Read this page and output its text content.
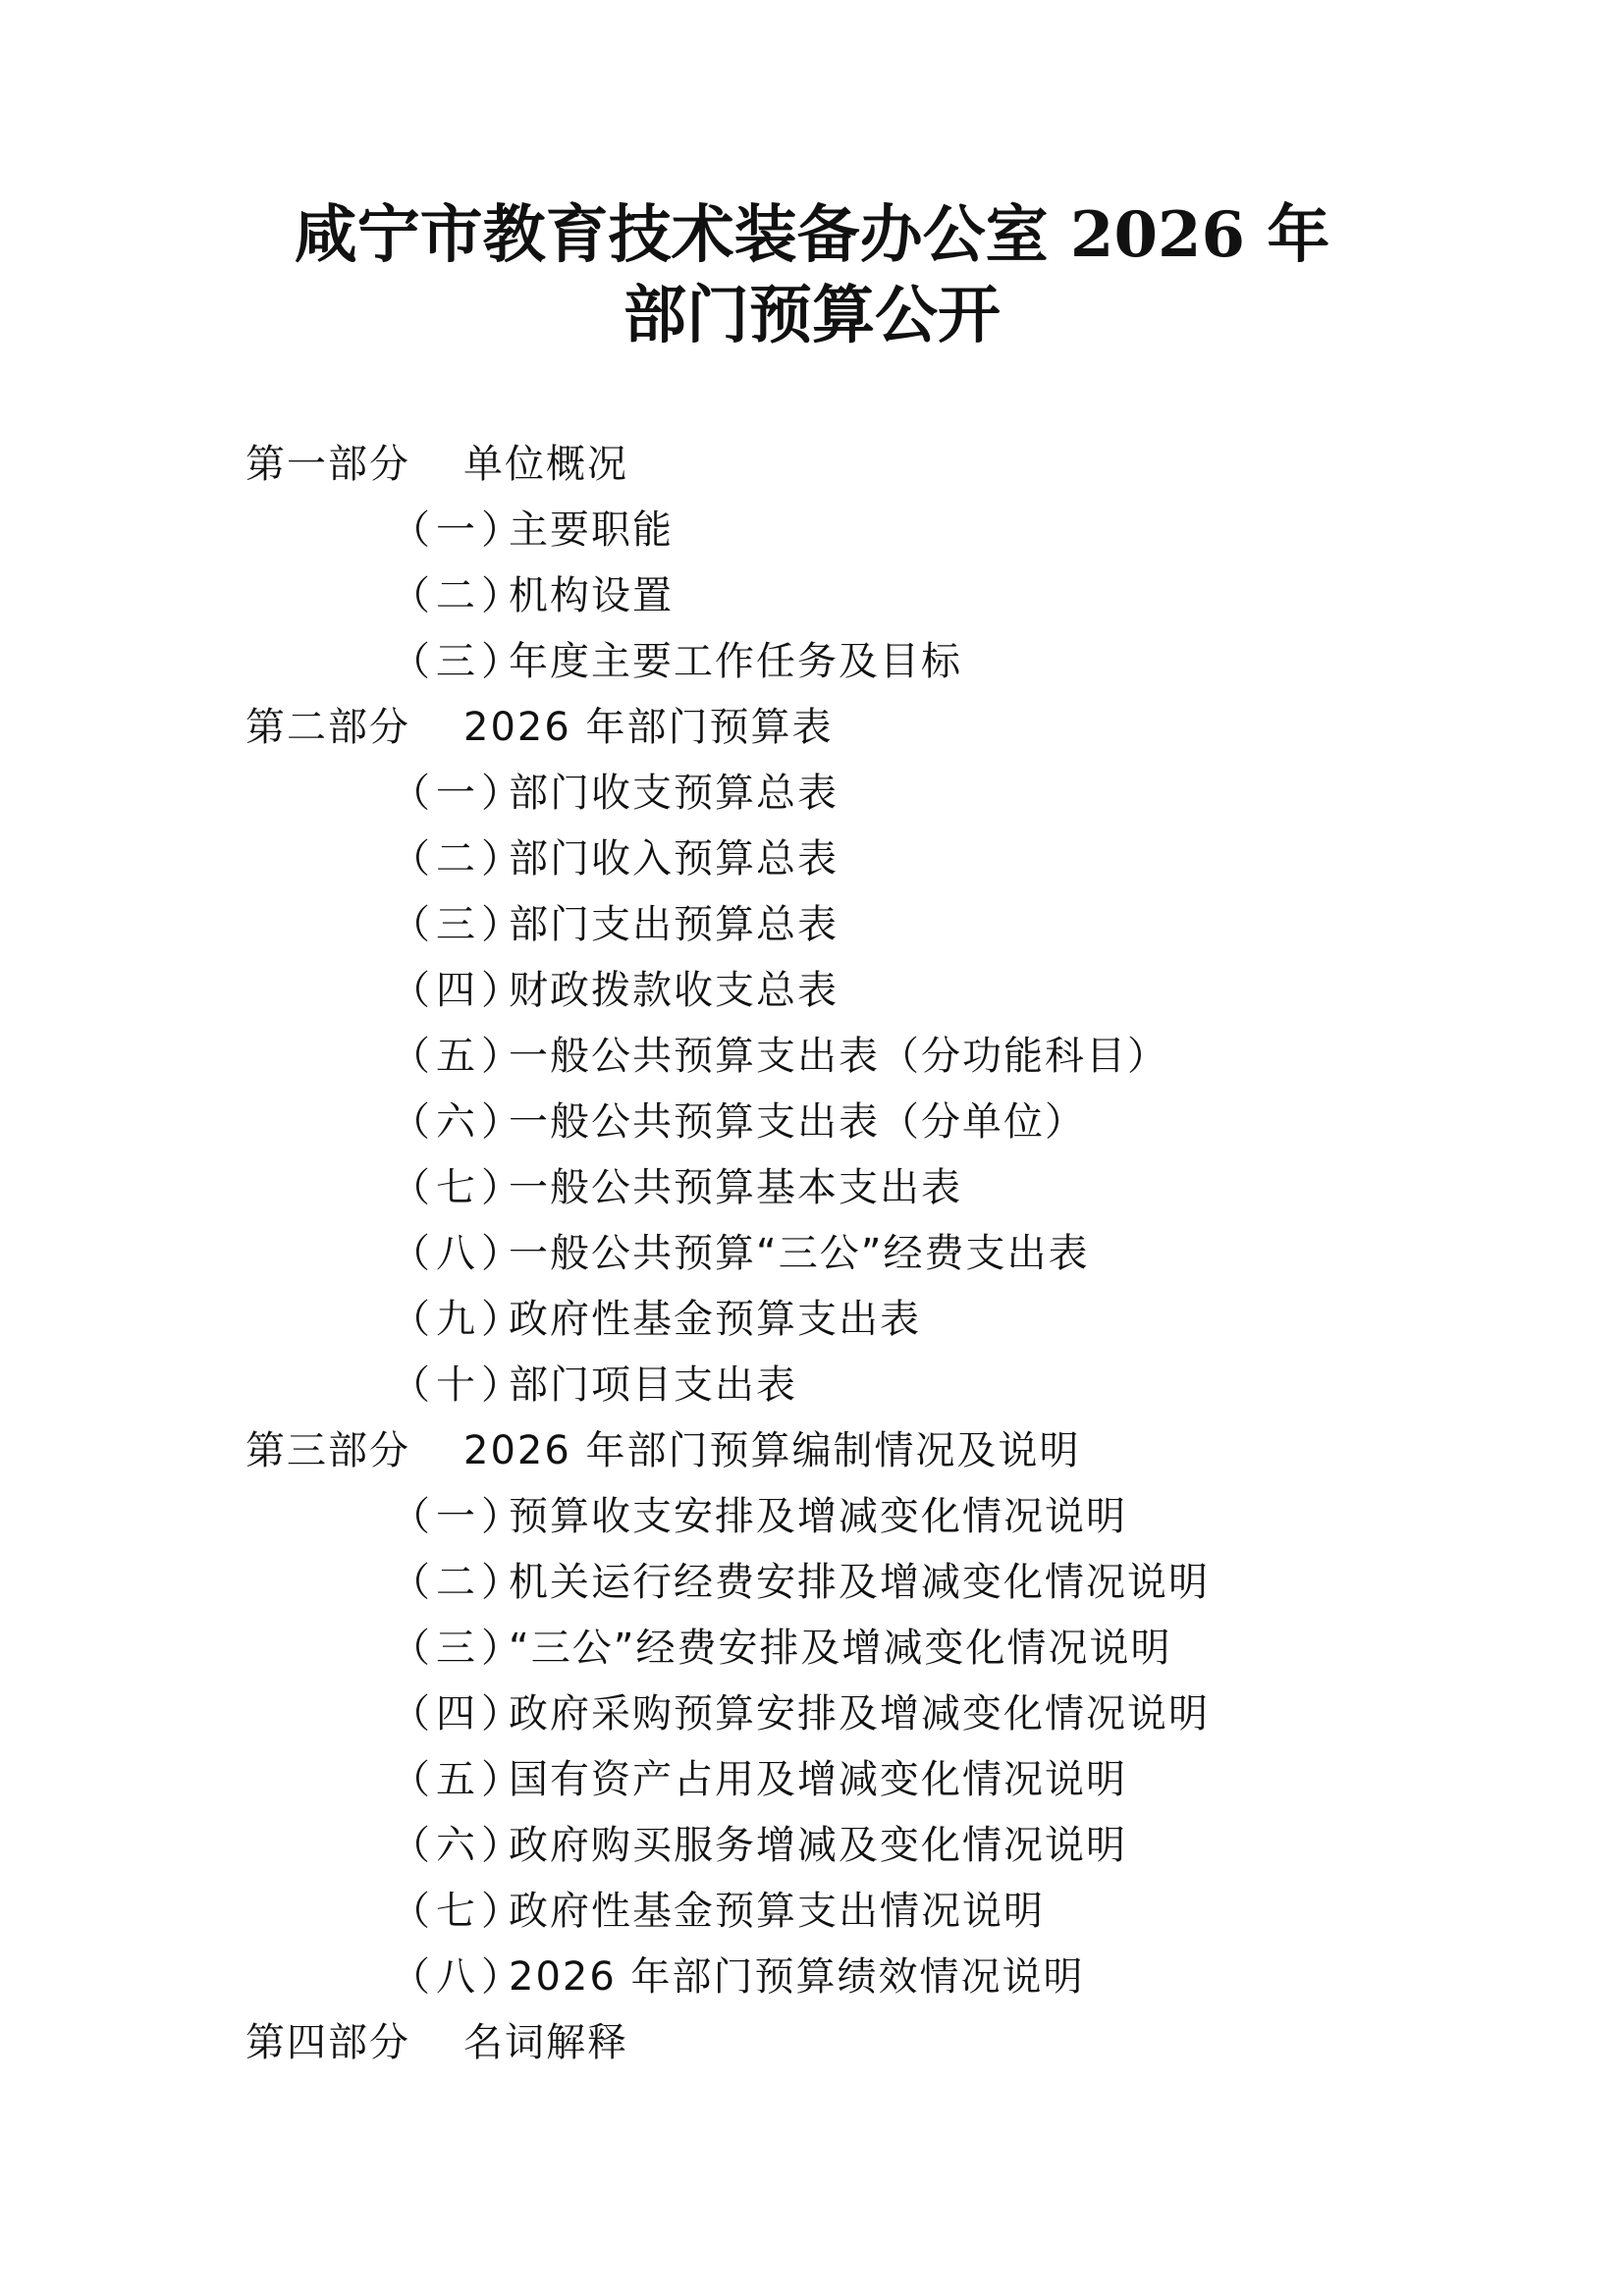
咸宁市教育技术装备办公室 2026 年
部门预算公开
第一部分 单位概况
（一）主要职能
（二）机构设置
（三）年度主要工作任务及目标
第二部分 2026 年部门预算表
（一）部门收支预算总表
（二）部门收入预算总表
（三）部门支出预算总表
（四）财政拨款收支总表
（五）一般公共预算支出表（分功能科目）
（六）一般公共预算支出表（分单位）
（七）一般公共预算基本支出表
（八）一般公共预算“三公”经费支出表
（九）政府性基金预算支出表
（十）部门项目支出表
第三部分 2026 年部门预算编制情况及说明
（一）预算收支安排及增减变化情况说明
（二）机关运行经费安排及增减变化情况说明
（三）“三公”经费安排及增减变化情况说明
（四）政府采购预算安排及增减变化情况说明
（五）国有资产占用及增减变化情况说明
（六）政府购买服务增减及变化情况说明
（七）政府性基金预算支出情况说明
（八）2026 年部门预算绩效情况说明
第四部分 名词解释
